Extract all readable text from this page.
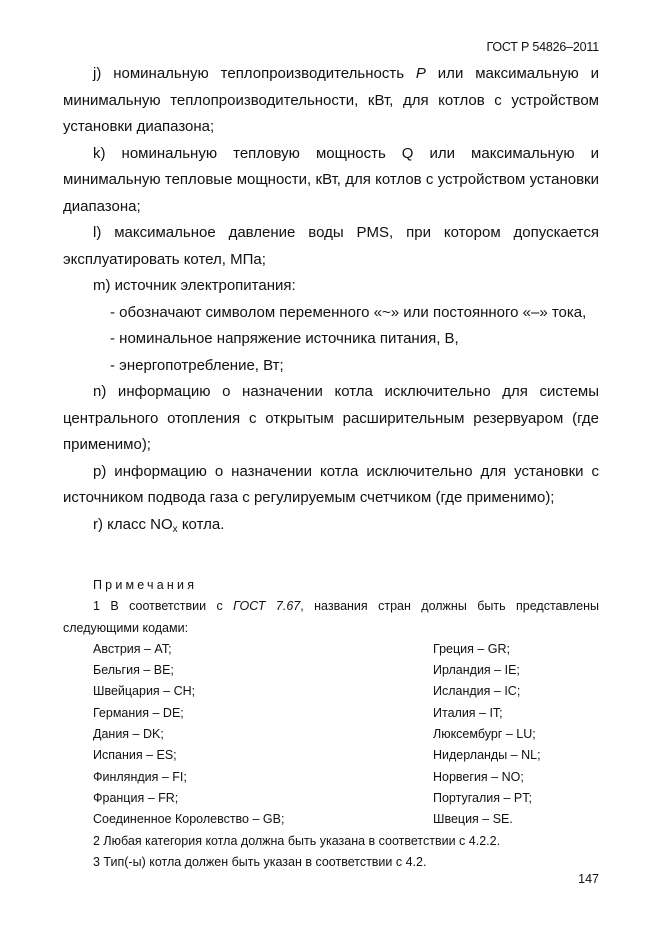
ГОСТ Р 54826–2011

j) номинальную теплопроизводительность P или максимальную и минимальную теплопроизводительности, кВт, для котлов с устройством установки диапазона;

k) номинальную тепловую мощность Q или максимальную и минимальную тепловые мощности, кВт, для котлов с устройством установки диапазона;

l) максимальное давление воды PMS, при котором допускается эксплуатировать котел, МПа;

m) источник электропитания:

- обозначают символом переменного «~» или постоянного «–» тока,

- номинальное напряжение источника питания, В,

- энергопотребление, Вт;

n) информацию о назначении котла исключительно для системы центрального отопления с открытым расширительным резервуаром (где применимо);

p) информацию о назначении котла исключительно для установки с источником подвода газа с регулируемым счетчиком (где применимо);

r) класс $NO_x$ котла.

Примечания

1 В соответствии с ГОСТ 7.67, названия стран должны быть представлены следующими кодами:

Австрия – AT;	Греция – GR;
Бельгия – BE;	Ирландия – IE;
Швейцария – CH;	Исландия – IC;
Германия – DE;	Италия – IT;
Дания – DK;	Люксембург – LU;
Испания – ES;	Нидерланды – NL;
Финляндия – FI;	Норвегия – NO;
Франция – FR;	Португалия – PT;
Соединенное Королевство – GB;	Швеция – SE.

2 Любая категория котла должна быть указана в соответствии с 4.2.2.

3 Тип(-ы) котла должен быть указан в соответствии с 4.2.

147
